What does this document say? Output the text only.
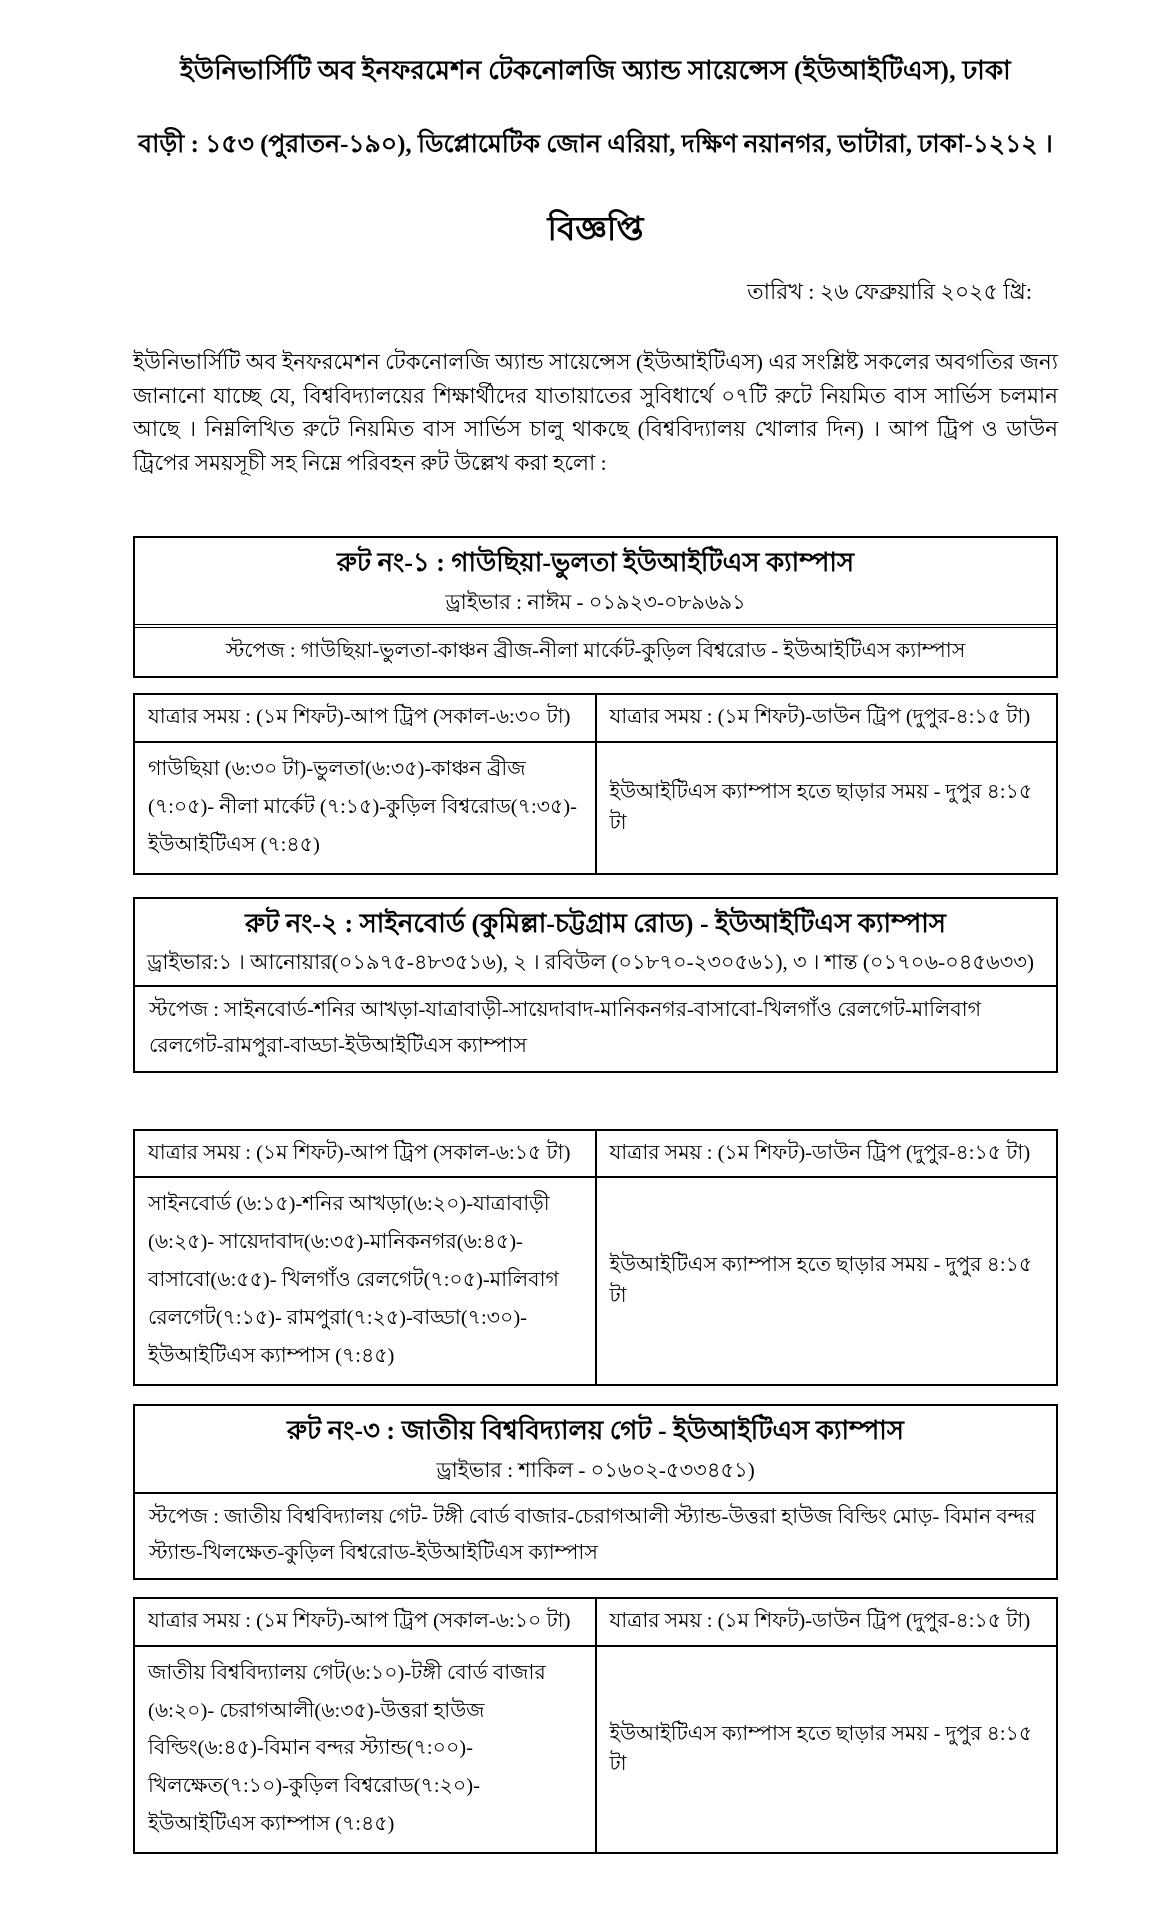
ইউনিভার্সিটি অব ইনফরমেশন টেকনোলজি অ্যান্ড সায়েন্সেস (ইউআইটিএস), ঢাকা
বাড়ী : ১৫৩ (পুরাতন-১৯০), ডিপ্লোমেটিক জোন এরিয়া, দক্ষিণ নয়ানগর, ভাটারা, ঢাকা-১২১২ ।
বিজ্ঞপ্তি
তারিখ : ২৬ ফেব্রুয়ারি ২০২৫ খ্রি:

ইউনিভার্সিটি অব ইনফরমেশন টেকনোলজি অ্যান্ড সায়েন্সেস (ইউআইটিএস) এর সংশ্লিষ্ট সকলের অবগতির জন্য জানানো যাচ্ছে যে, বিশ্ববিদ্যালয়ের শিক্ষার্থীদের যাতায়াতের সুবিধার্থে ০৭টি রুটে নিয়মিত বাস সার্ভিস চলমান আছে । নিম্নলিখিত রুটে নিয়মিত বাস সার্ভিস চালু থাকছে (বিশ্ববিদ্যালয় খোলার দিন) । আপ ট্রিপ ও ডাউন ট্রিপের সময়সূচী সহ নিম্নে পরিবহন রুট উল্লেখ করা হলো :

রুট নং-১ : গাউছিয়া-ভুলতা ইউআইটিএস ক্যাম্পাস
ড্রাইভার : নাঈম - ০১৯২৩-০৮৯৬৯১
স্টপেজ : গাউছিয়া-ভুলতা-কাঞ্চন ব্রীজ-নীলা মার্কেট-কুড়িল বিশ্বরোড - ইউআইটিএস ক্যাম্পাস
যাত্রার সময় : (১ম শিফট)-আপ ট্রিপ (সকাল-৬:৩০ টা)	যাত্রার সময় : (১ম শিফট)-ডাউন ট্রিপ (দুপুর-৪:১৫ টা)
গাউছিয়া (৬:৩০ টা)-ভুলতা(৬:৩৫)-কাঞ্চন ব্রীজ (৭:০৫)- নীলা মার্কেট (৭:১৫)-কুড়িল বিশ্বরোড(৭:৩৫)-ইউআইটিএস (৭:৪৫)	ইউআইটিএস ক্যাম্পাস হতে ছাড়ার সময় - দুপুর ৪:১৫ টা
রুট নং-২ : সাইনবোর্ড (কুমিল্লা-চট্টগ্রাম রোড) - ইউআইটিএস ক্যাম্পাস
ড্রাইভার:১ । আনোয়ার(০১৯৭৫-৪৮৩৫১৬), ২ । রবিউল (০১৮৭০-২৩০৫৬১), ৩ । শান্ত (০১৭০৬-০৪৫৬৩৩)
স্টপেজ : সাইনবোর্ড-শনির আখড়া-যাত্রাবাড়ী-সায়েদাবাদ-মানিকনগর-বাসাবো-খিলগাঁও রেলগেট-মালিবাগ রেলগেট-রামপুরা-বাড্ডা-ইউআইটিএস ক্যাম্পাস
যাত্রার সময় : (১ম শিফট)-আপ ট্রিপ (সকাল-৬:১৫ টা)	যাত্রার সময় : (১ম শিফট)-ডাউন ট্রিপ (দুপুর-৪:১৫ টা)
সাইনবোর্ড (৬:১৫)-শনির আখড়া(৬:২০)-যাত্রাবাড়ী (৬:২৫)- সায়েদাবাদ(৬:৩৫)-মানিকনগর(৬:৪৫)-বাসাবো(৬:৫৫)- খিলগাঁও রেলগেট(৭:০৫)-মালিবাগ রেলগেট(৭:১৫)- রামপুরা(৭:২৫)-বাড্ডা(৭:৩০)- ইউআইটিএস ক্যাম্পাস (৭:৪৫)	ইউআইটিএস ক্যাম্পাস হতে ছাড়ার সময় - দুপুর ৪:১৫ টা
রুট নং-৩ : জাতীয় বিশ্ববিদ্যালয় গেট - ইউআইটিএস ক্যাম্পাস
ড্রাইভার : শাকিল - ০১৬০২-৫৩৩৪৫১)
স্টপেজ : জাতীয় বিশ্ববিদ্যালয় গেট- টঙ্গী বোর্ড বাজার-চেরাগআলী স্ট্যান্ড-উত্তরা হাউজ বিল্ডিং মোড়- বিমান বন্দর স্ট্যান্ড-খিলক্ষেত-কুড়িল বিশ্বরোড-ইউআইটিএস ক্যাম্পাস
যাত্রার সময় : (১ম শিফট)-আপ ট্রিপ (সকাল-৬:১০ টা)	যাত্রার সময় : (১ম শিফট)-ডাউন ট্রিপ (দুপুর-৪:১৫ টা)
জাতীয় বিশ্ববিদ্যালয় গেট(৬:১০)-টঙ্গী বোর্ড বাজার (৬:২০)- চেরাগআলী(৬:৩৫)-উত্তরা হাউজ বিল্ডিং(৬:৪৫)-বিমান বন্দর স্ট্যান্ড(৭:০০)-খিলক্ষেত(৭:১০)-কুড়িল বিশ্বরোড(৭:২০)- ইউআইটিএস ক্যাম্পাস (৭:৪৫)	ইউআইটিএস ক্যাম্পাস হতে ছাড়ার সময় - দুপুর ৪:১৫ টা
